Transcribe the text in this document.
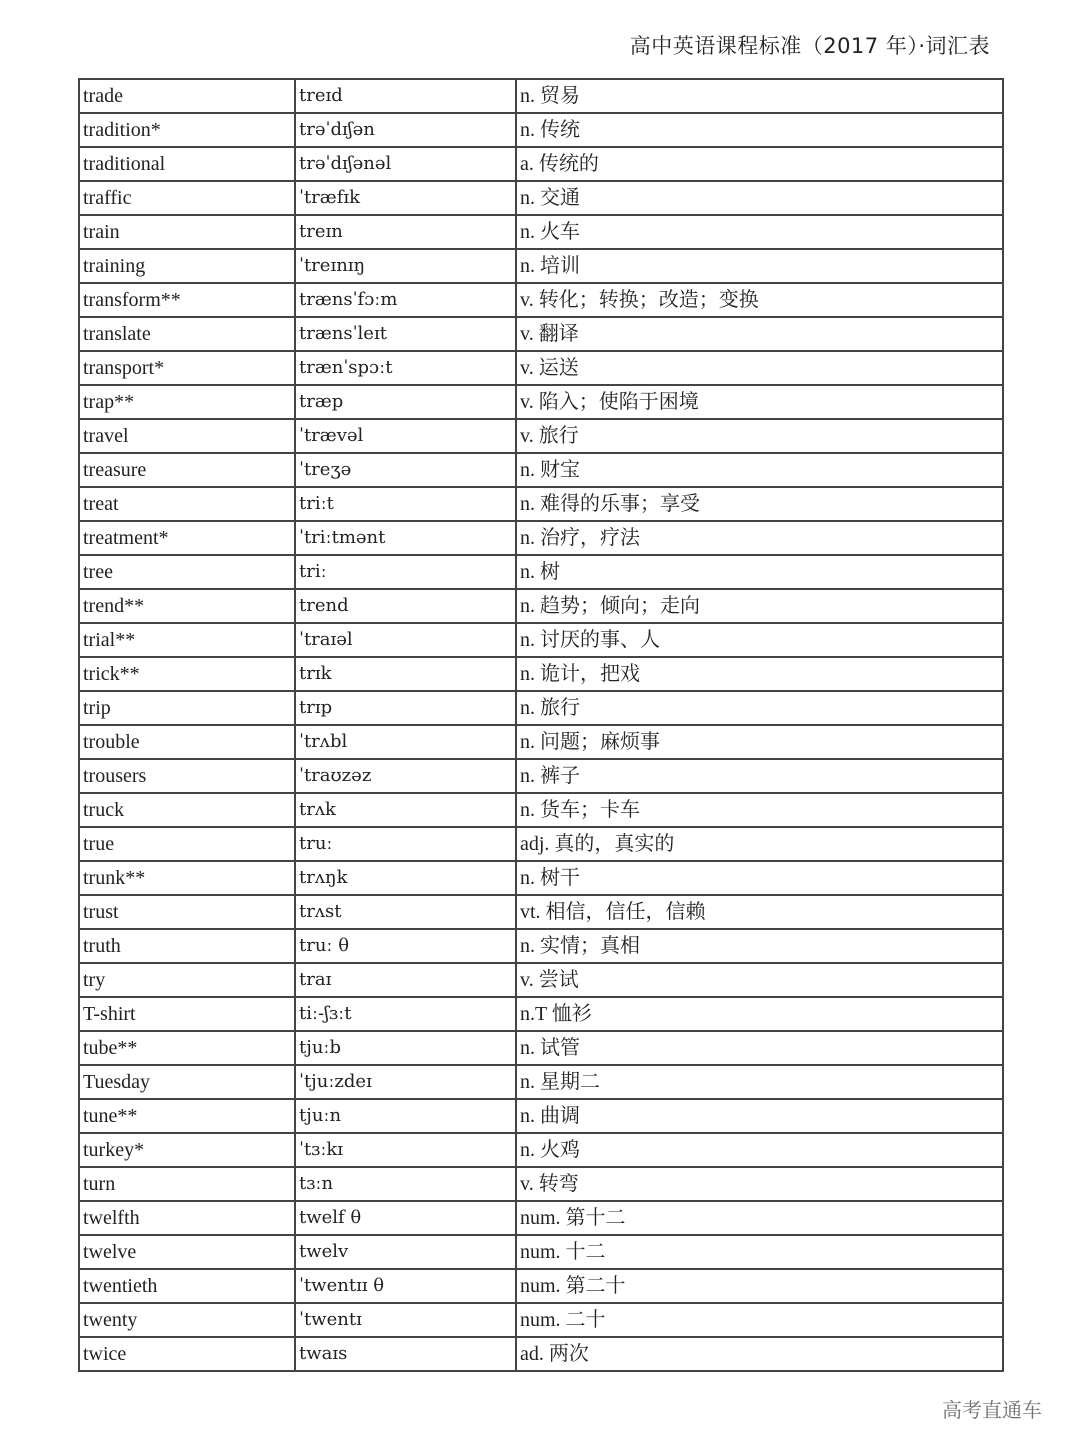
高中英语课程标准（2017 年）·词汇表
trade	treɪd	n. 贸易
tradition*	trəˈdɪʃən	n. 传统
traditional	trəˈdɪʃənəl	a. 传统的
traffic	ˈtræfɪk	n. 交通
train	treɪn	n. 火车
training	ˈtreɪnɪŋ	n. 培训
transform**	trænsˈfɔːm	v. 转化；转换；改造；变换
translate	trænsˈleɪt	v. 翻译
transport*	trænˈspɔːt	v. 运送
trap**	træp	v. 陷入；使陷于困境
travel	ˈtrævəl	v. 旅行
treasure	ˈtreʒə	n. 财宝
treat	triːt	n. 难得的乐事；享受
treatment*	ˈtriːtmənt	n. 治疗，疗法
tree	triː	n. 树
trend**	trend	n. 趋势；倾向；走向
trial**	ˈtraɪəl	n. 讨厌的事、人
trick**	trɪk	n. 诡计，把戏
trip	trɪp	n. 旅行
trouble	ˈtrʌbl	n. 问题；麻烦事
trousers	ˈtraʊzəz	n. 裤子
truck	trʌk	n. 货车；卡车
true	truː	adj. 真的，真实的
trunk**	trʌŋk	n. 树干
trust	trʌst	vt. 相信，信任，信赖
truth	truː θ	n. 实情；真相
try	traɪ	v. 尝试
T-shirt	tiː-ʃɜːt	n.T 恤衫
tube**	tjuːb	n. 试管
Tuesday	ˈtjuːzdeɪ	n. 星期二
tune**	tjuːn	n. 曲调
turkey*	ˈtɜːkɪ	n. 火鸡
turn	tɜːn	v. 转弯
twelfth	twelf θ	num. 第十二
twelve	twelv	num. 十二
twentieth	ˈtwentɪɪ θ	num. 第二十
twenty	ˈtwentɪ	num. 二十
twice	twaɪs	ad. 两次
高考直通车
